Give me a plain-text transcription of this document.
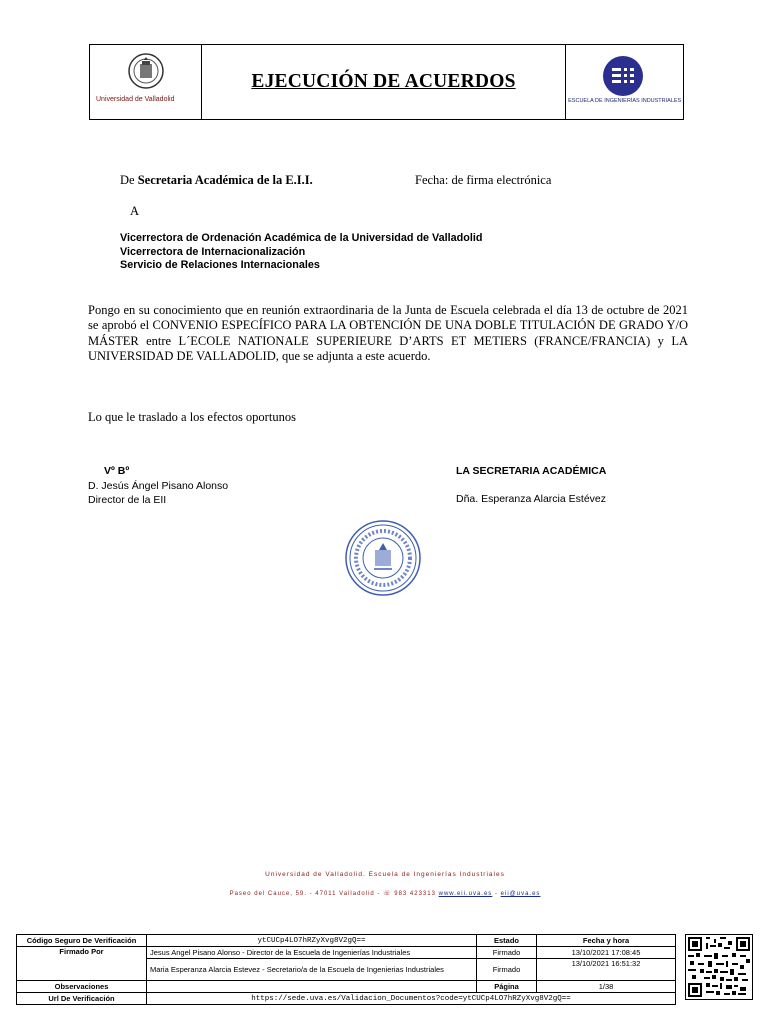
Universidad de Valladolid
EJECUCIÓN DE ACUERDOS
ESCUELA DE INGENIERÍAS INDUSTRIALES
De Secretaria Académica de la E.I.I.	Fecha: de firma electrónica
A
Vicerrectora de Ordenación Académica de la Universidad de Valladolid
Vicerrectora de Internacionalización
Servicio de Relaciones Internacionales

Pongo en su conocimiento que en reunión extraordinaria de la Junta de Escuela celebrada el día 13 de octubre de 2021 se aprobó el CONVENIO ESPECÍFICO PARA LA OBTENCIÓN DE UNA DOBLE TITULACIÓN DE GRADO Y/O MÁSTER entre L´ECOLE NATIONALE SUPERIEURE D’ARTS ET METIERS (FRANCE/FRANCIA) y LA UNIVERSIDAD DE VALLADOLID, que se adjunta a este acuerdo.

Lo que le traslado a los efectos oportunos

Vº Bº
D. Jesús Ángel Pisano Alonso
Director de la EII
LA SECRETARIA ACADÉMICA
Dña. Esperanza Alarcia Estévez
Universidad de Valladolid. Escuela de Ingenierías Industriales
Paseo del Cauce, 59. - 47011 Valladolid - ☏ 983 423313 www.eii.uva.es - eii@uva.es
Código Seguro De Verificación	ytCUCp4LO7hRZyXvg8V2gQ==	Estado	Fecha y hora
Firmado Por	Jesus Angel Pisano Alonso - Director de la Escuela de Ingenierías Industriales	Firmado	13/10/2021 17:08:45
	Maria Esperanza Alarcia Estevez - Secretario/a de la Escuela de Ingenierias Industriales	Firmado	13/10/2021 16:51:32
Observaciones		Página	1/38
Url De Verificación	https://sede.uva.es/Validacion_Documentos?code=ytCUCp4LO7hRZyXvg8V2gQ==		
